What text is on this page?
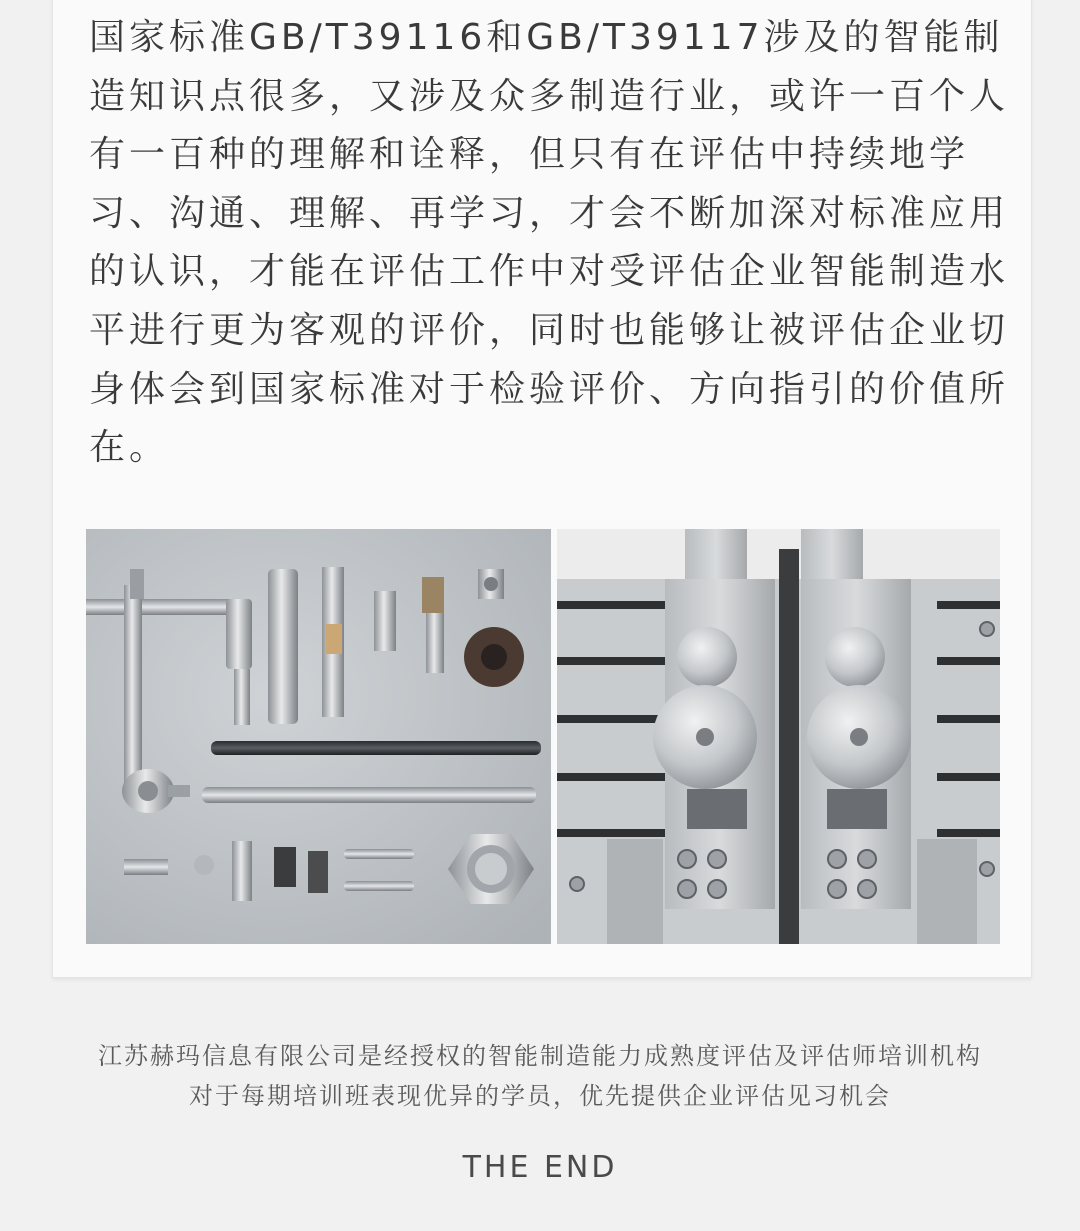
国家标准GB/T39116和GB/T39117涉及的智能制造知识点很多，又涉及众多制造行业，或许一百个人有一百种的理解和诠释，但只有在评估中持续地学习、沟通、理解、再学习，才会不断加深对标准应用的认识，才能在评估工作中对受评估企业智能制造水平进行更为客观的评价，同时也能够让被评估企业切身体会到国家标准对于检验评价、方向指引的价值所在。

江苏赫玛信息有限公司是经授权的智能制造能力成熟度评估及评估师培训机构

对于每期培训班表现优异的学员，优先提供企业评估见习机会

THE END
